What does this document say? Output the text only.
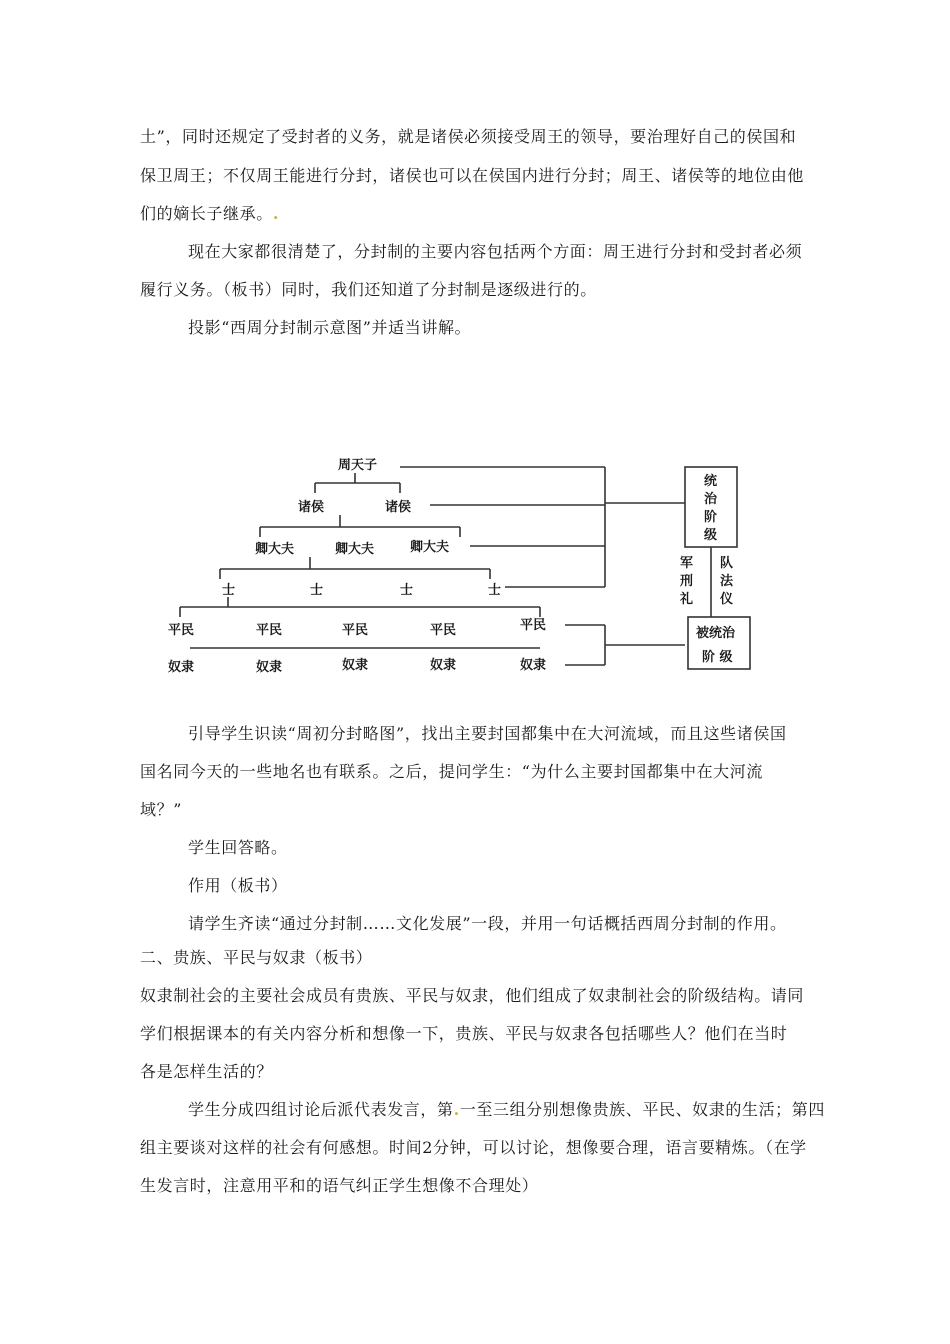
土”，同时还规定了受封者的义务，就是诸侯必须接受周王的领导，要治理好自己的侯国和
保卫周王；不仅周王能进行分封，诸侯也可以在侯国内进行分封；周王、诸侯等的地位由他
们的嫡长子继承。.
现在大家都很清楚了，分封制的主要内容包括两个方面：周王进行分封和受封者必须
履行义务。（板书）同时，我们还知道了分封制是逐级进行的。
投影“西周分封制示意图”并适当讲解。
周天子
诸侯	诸侯
卿大夫	卿大夫	卿大夫
士	士	士	士
平民	平民	平民	平民	平民
奴隶	奴隶	奴隶	奴隶	奴隶
统
治
阶
级
军
刑
礼
队
法
仪
被统治
阶 级
引导学生识读“周初分封略图”，找出主要封国都集中在大河流域，而且这些诸侯国
国名同今天的一些地名也有联系。之后，提问学生：“为什么主要封国都集中在大河流
域？”
学生回答略。
作用（板书）
请学生齐读“通过分封制……文化发展”一段，并用一句话概括西周分封制的作用。
二、贵族、平民与奴隶（板书）
奴隶制社会的主要社会成员有贵族、平民与奴隶，他们组成了奴隶制社会的阶级结构。请同
学们根据课本的有关内容分析和想像一下，贵族、平民与奴隶各包括哪些人？他们在当时
各是怎样生活的？
学生分成四组讨论后派代表发言，第.一至三组分别想像贵族、平民、奴隶的生活；第四
组主要谈对这样的社会有何感想。时间2分钟，可以讨论，想像要合理，语言要精炼。（在学
生发言时，注意用平和的语气纠正学生想像不合理处）
